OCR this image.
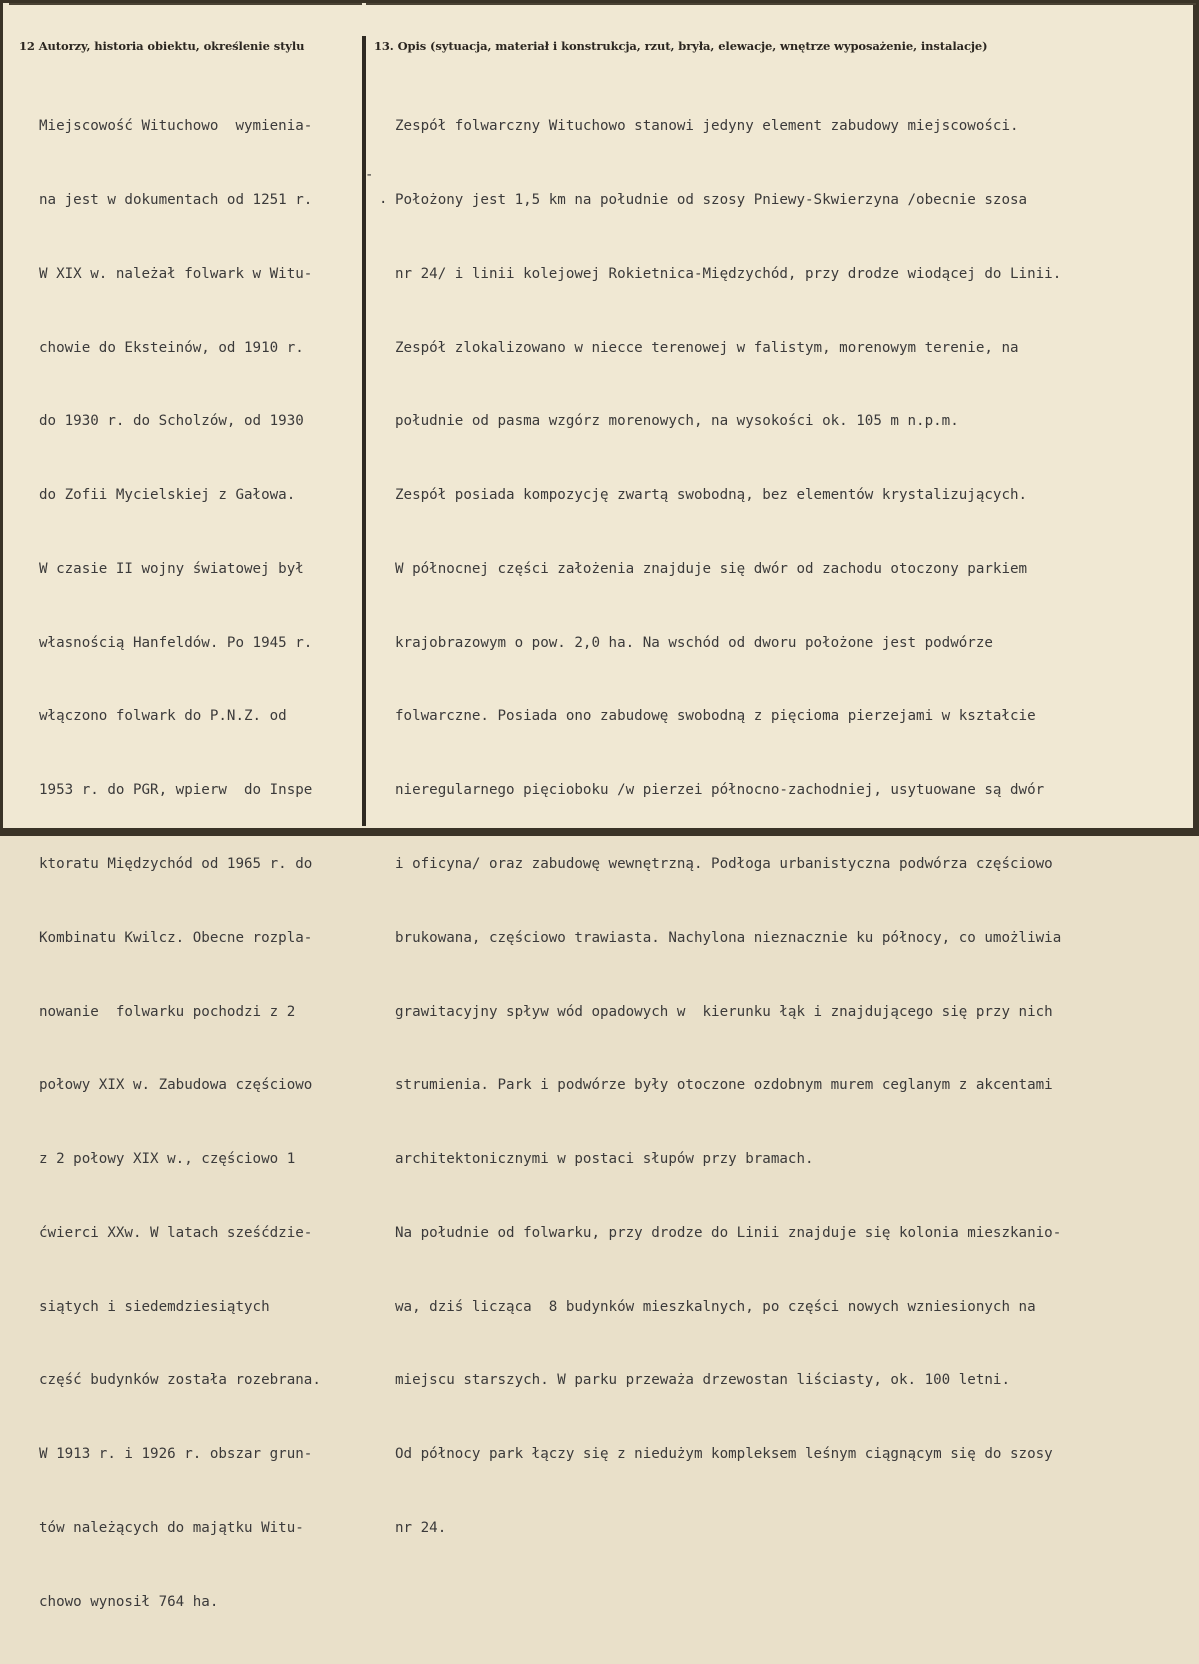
12 Autorzy, historia obiektu, określenie stylu	13. Opis (sytuacja, materiał i konstrukcja, rzut, bryła, elewacje, wnętrze wyposażenie, instalacje)

Miejscowość Wituchowo  wymienia-

na jest w dokumentach od 1251 r.

W XIX w. należał folwark w Witu-

chowie do Eksteinów, od 1910 r.

do 1930 r. do Scholzów, od 1930

do Zofii Mycielskiej z Gałowa.

W czasie II wojny światowej był

własnością Hanfeldów. Po 1945 r.

włączono folwark do P.N.Z. od

1953 r. do PGR, wpierw  do Inspe

ktoratu Międzychód od 1965 r. do

Kombinatu Kwilcz. Obecne rozpla-

nowanie  folwarku pochodzi z 2

połowy XIX w. Zabudowa częściowo

z 2 połowy XIX w., częściowo 1

ćwierci XXw. W latach sześćdzie-

siątych i siedemdziesiątych

część budynków została rozebrana.

W 1913 r. i 1926 r. obszar grun-

tów należących do majątku Witu-

chowo wynosił 764 ha.

Zespół folwarczny Wituchowo stanowi jedyny element zabudowy miejscowości.

Położony jest 1,5 km na południe od szosy Pniewy-Skwierzyna /obecnie szosa

nr 24/ i linii kolejowej Rokietnica-Międzychód, przy drodze wiodącej do Linii.

Zespół zlokalizowano w niecce terenowej w falistym, morenowym terenie, na

południe od pasma wzgórz morenowych, na wysokości ok. 105 m n.p.m.

Zespół posiada kompozycję zwartą swobodną, bez elementów krystalizujących.

W północnej części założenia znajduje się dwór od zachodu otoczony parkiem

krajobrazowym o pow. 2,0 ha. Na wschód od dworu położone jest podwórze

folwarczne. Posiada ono zabudowę swobodną z pięcioma pierzejami w kształcie

nieregularnego pięcioboku /w pierzei północno-zachodniej, usytuowane są dwór

i oficyna/ oraz zabudowę wewnętrzną. Podłoga urbanistyczna podwórza częściowo

brukowana, częściowo trawiasta. Nachylona nieznacznie ku północy, co umożliwia

grawitacyjny spływ wód opadowych w  kierunku łąk i znajdującego się przy nich

strumienia. Park i podwórze były otoczone ozdobnym murem ceglanym z akcentami

architektonicznymi w postaci słupów przy bramach.

Na południe od folwarku, przy drodze do Linii znajduje się kolonia mieszkanio-

wa, dziś licząca  8 budynków mieszkalnych, po części nowych wzniesionych na

miejscu starszych. W parku przeważa drzewostan liściasty, ok. 100 letni.

Od północy park łączy się z niedużym kompleksem leśnym ciągnącym się do szosy

nr 24.

-
.
